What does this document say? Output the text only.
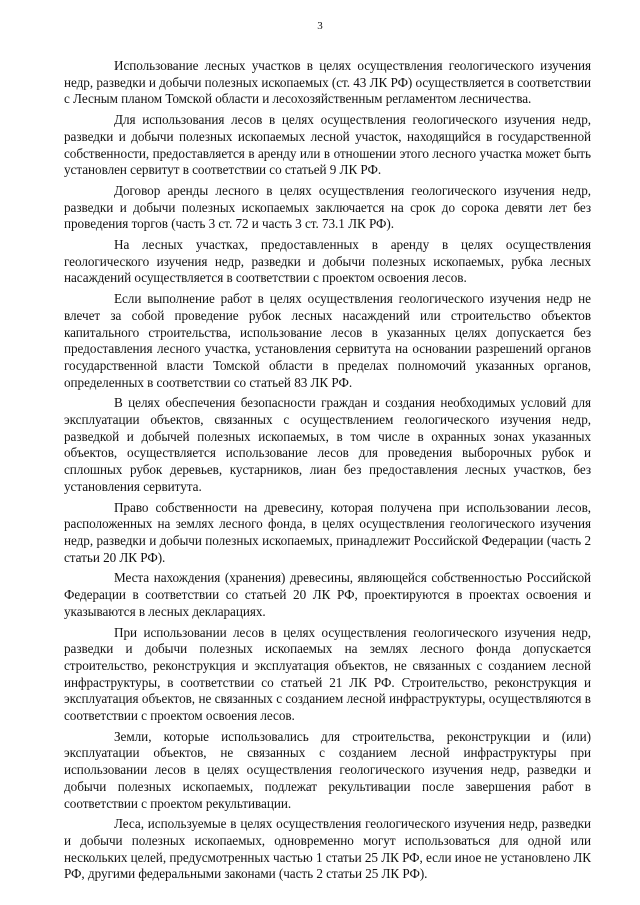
3

Использование лесных участков в целях осуществления геологического изучения недр, разведки и добычи полезных ископаемых (ст. 43 ЛК РФ) осуществляется в соответствии с Лесным планом Томской области и лесохозяйственным регламентом лесничества.

Для использования лесов в целях осуществления геологического изучения недр, разведки и добычи полезных ископаемых лесной участок, находящийся в государственной собственности, предоставляется в аренду или в отношении этого лесного участка может быть установлен сервитут в соответствии со статьей 9 ЛК РФ.

Договор аренды лесного в целях осуществления геологического изучения недр, разведки и добычи полезных ископаемых заключается на срок до сорока девяти лет без проведения торгов (часть 3 ст. 72 и часть 3 ст. 73.1 ЛК РФ).

На лесных участках, предоставленных в аренду в целях осуществления геологического изучения недр, разведки и добычи полезных ископаемых, рубка лесных насаждений осуществляется в соответствии с проектом освоения лесов.

Если выполнение работ в целях осуществления геологического изучения недр не влечет за собой проведение рубок лесных насаждений или строительство объектов капитального строительства, использование лесов в указанных целях допускается без предоставления лесного участка, установления сервитута на основании разрешений органов государственной власти Томской области в пределах полномочий указанных органов, определенных в соответствии со статьей 83 ЛК РФ.

В целях обеспечения безопасности граждан и создания необходимых условий для эксплуатации объектов, связанных с осуществлением геологического изучения недр, разведкой и добычей полезных ископаемых, в том числе в охранных зонах указанных объектов, осуществляется использование лесов для проведения выборочных рубок и сплошных рубок деревьев, кустарников, лиан без предоставления лесных участков, без установления сервитута.

Право собственности на древесину, которая получена при использовании лесов, расположенных на землях лесного фонда, в целях осуществления геологического изучения недр, разведки и добычи полезных ископаемых, принадлежит Российской Федерации (часть 2 статьи 20 ЛК РФ).

Места нахождения (хранения) древесины, являющейся собственностью Российской Федерации в соответствии со статьей 20 ЛК РФ, проектируются в проектах освоения и указываются в лесных декларациях.

При использовании лесов в целях осуществления геологического изучения недр, разведки и добычи полезных ископаемых на землях лесного фонда допускается строительство, реконструкция и эксплуатация объектов, не связанных с созданием лесной инфраструктуры, в соответствии со статьей 21 ЛК РФ. Строительство, реконструкция и эксплуатация объектов, не связанных с созданием лесной инфраструктуры, осуществляются в соответствии с проектом освоения лесов.

Земли, которые использовались для строительства, реконструкции и (или) эксплуатации объектов, не связанных с созданием лесной инфраструктуры при использовании лесов в целях осуществления геологического изучения недр, разведки и добычи полезных ископаемых, подлежат рекультивации после завершения работ в соответствии с проектом рекультивации.

Леса, используемые в целях осуществления геологического изучения недр, разведки и добычи полезных ископаемых, одновременно могут использоваться для одной или нескольких целей, предусмотренных частью 1 статьи 25 ЛК РФ, если иное не установлено ЛК РФ, другими федеральными законами (часть 2 статьи 25 ЛК РФ).
